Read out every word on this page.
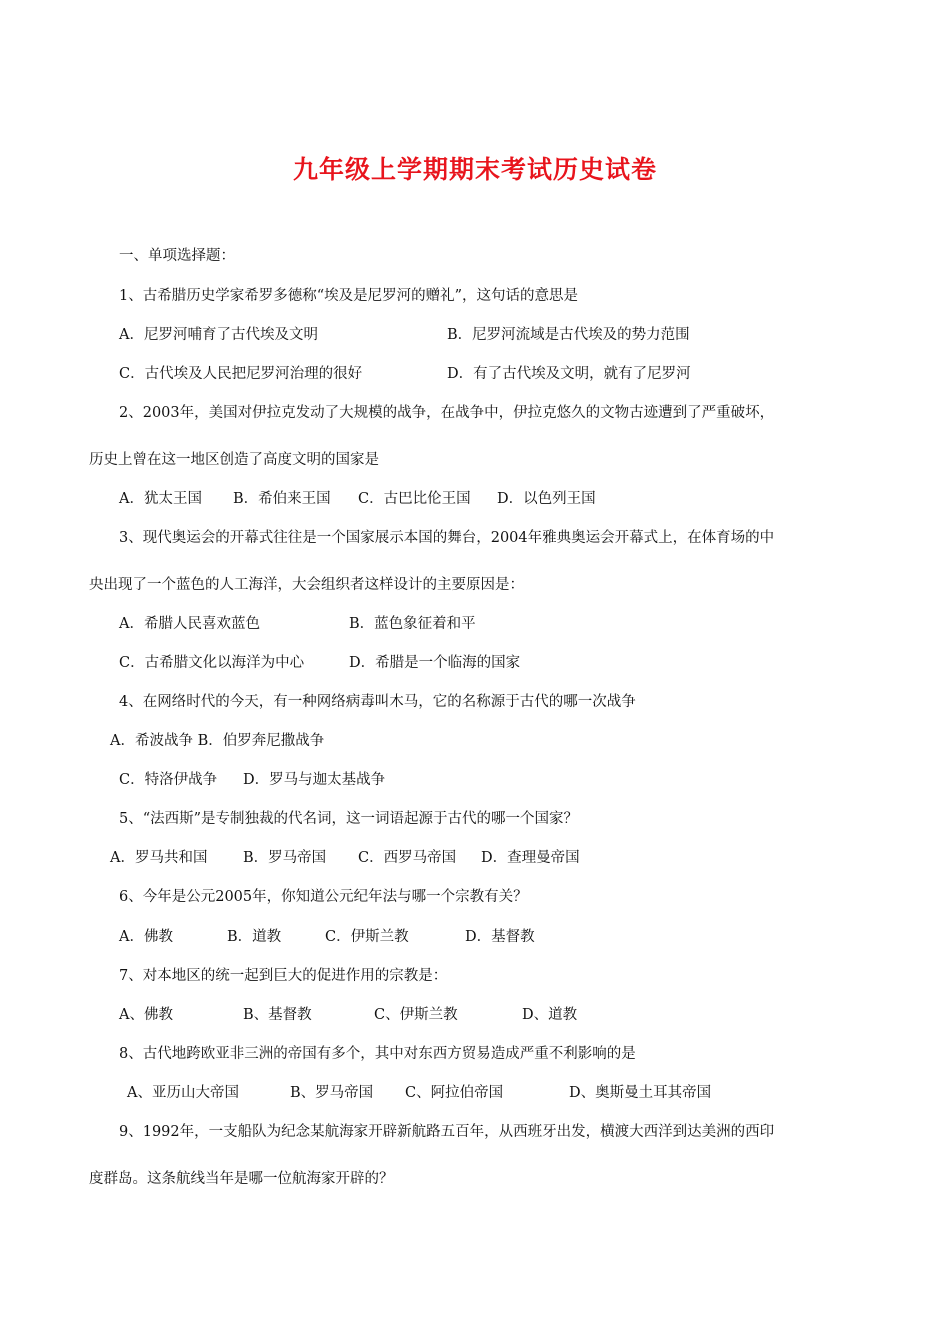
九年级上学期期末考试历史试卷
一、单项选择题：
1、古希腊历史学家希罗多德称“埃及是尼罗河的赠礼”，这句话的意思是
A．尼罗河哺育了古代埃及文明	B．尼罗河流域是古代埃及的势力范围
C．古代埃及人民把尼罗河治理的很好	D．有了古代埃及文明，就有了尼罗河
2、2003年，美国对伊拉克发动了大规模的战争，在战争中，伊拉克悠久的文物古迹遭到了严重破坏，
历史上曾在这一地区创造了高度文明的国家是
A．犹太王国 B．希伯来王国 C．古巴比伦王国 D．以色列王国
3、现代奥运会的开幕式往往是一个国家展示本国的舞台，2004年雅典奥运会开幕式上，在体育场的中
央出现了一个蓝色的人工海洋，大会组织者这样设计的主要原因是：
A．希腊人民喜欢蓝色	B．蓝色象征着和平
C．古希腊文化以海洋为中心	D．希腊是一个临海的国家
4、在网络时代的今天，有一种网络病毒叫木马，它的名称源于古代的哪一次战争
A．希波战争 B．伯罗奔尼撒战争
C．特洛伊战争 D．罗马与迦太基战争
5、“法西斯”是专制独裁的代名词，这一词语起源于古代的哪一个国家？
A．罗马共和国 B．罗马帝国 C．西罗马帝国 D．查理曼帝国
6、今年是公元2005年，你知道公元纪年法与哪一个宗教有关？
A．佛教	B．道教	C．伊斯兰教	D．基督教
7、对本地区的统一起到巨大的促进作用的宗教是：
A、佛教	B、基督教	C、伊斯兰教	D、道教
8、古代地跨欧亚非三洲的帝国有多个，其中对东西方贸易造成严重不利影响的是
A、亚历山大帝国	B、罗马帝国 C、阿拉伯帝国	D、奥斯曼土耳其帝国
9、1992年，一支船队为纪念某航海家开辟新航路五百年，从西班牙出发，横渡大西洋到达美洲的西印
度群岛。这条航线当年是哪一位航海家开辟的？
